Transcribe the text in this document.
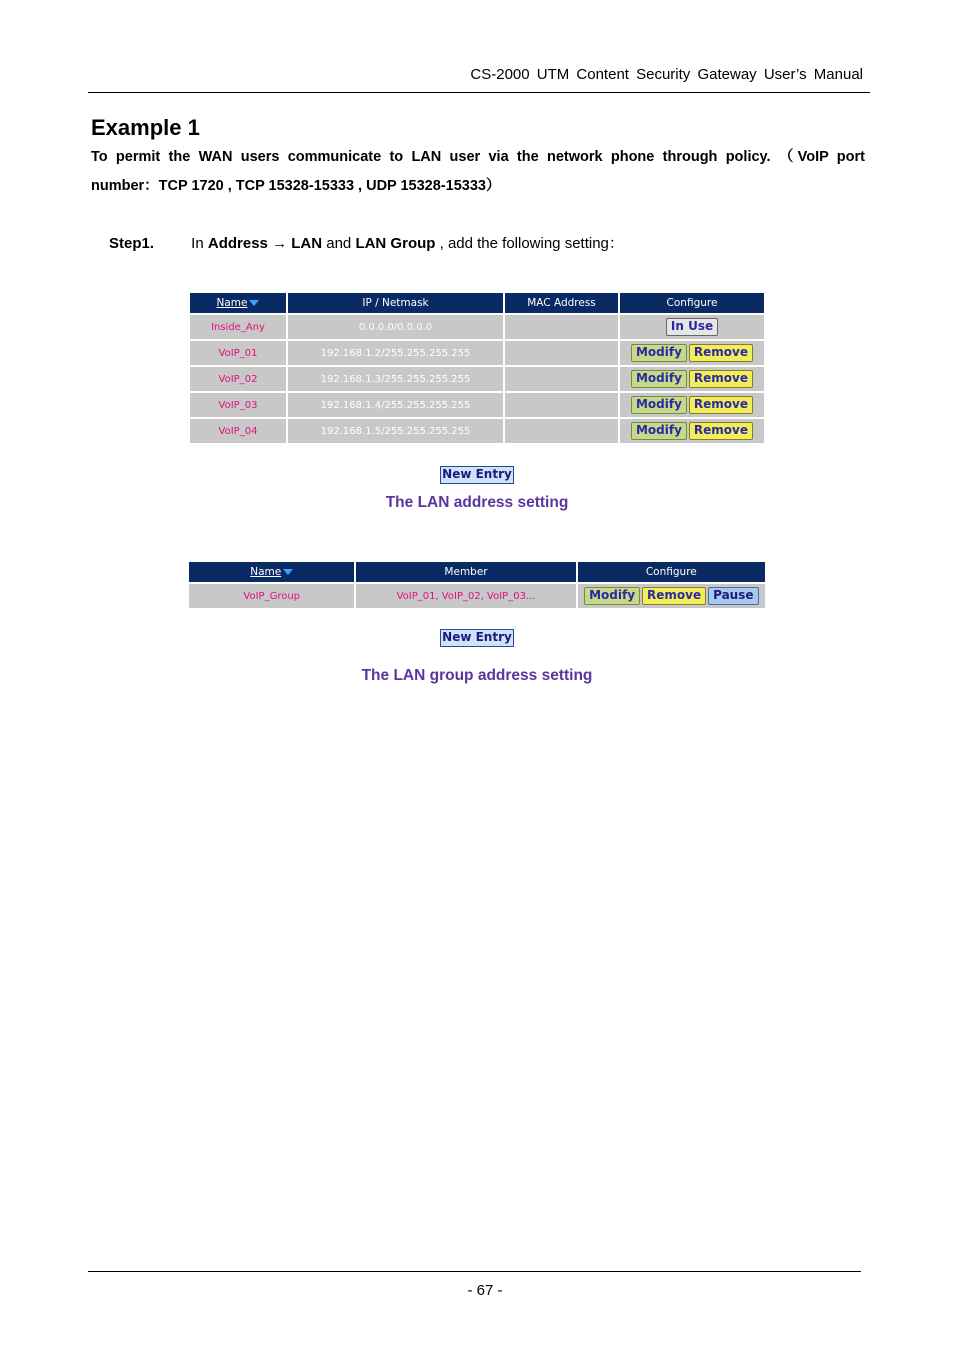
CS-2000 UTM Content Security Gateway User’s Manual
Example 1
To permit the WAN users communicate to LAN user via the network phone through policy. （VoIP port
number：TCP 1720 , TCP 15328-15333 , UDP 15328-15333）
Step1. In Address → LAN and LAN Group , add the following setting：
Name	IP / Netmask	MAC Address	Configure
Inside_Any	0.0.0.0/0.0.0.0		In Use
VoIP_01	192.168.1.2/255.255.255.255		Modify Remove
VoIP_02	192.168.1.3/255.255.255.255		Modify Remove
VoIP_03	192.168.1.4/255.255.255.255		Modify Remove
VoIP_04	192.168.1.5/255.255.255.255		Modify Remove
New Entry
The LAN address setting
Name	Member	Configure
VoIP_Group	VoIP_01, VoIP_02, VoIP_03...	Modify Remove Pause
New Entry
The LAN group address setting
- 67 -
